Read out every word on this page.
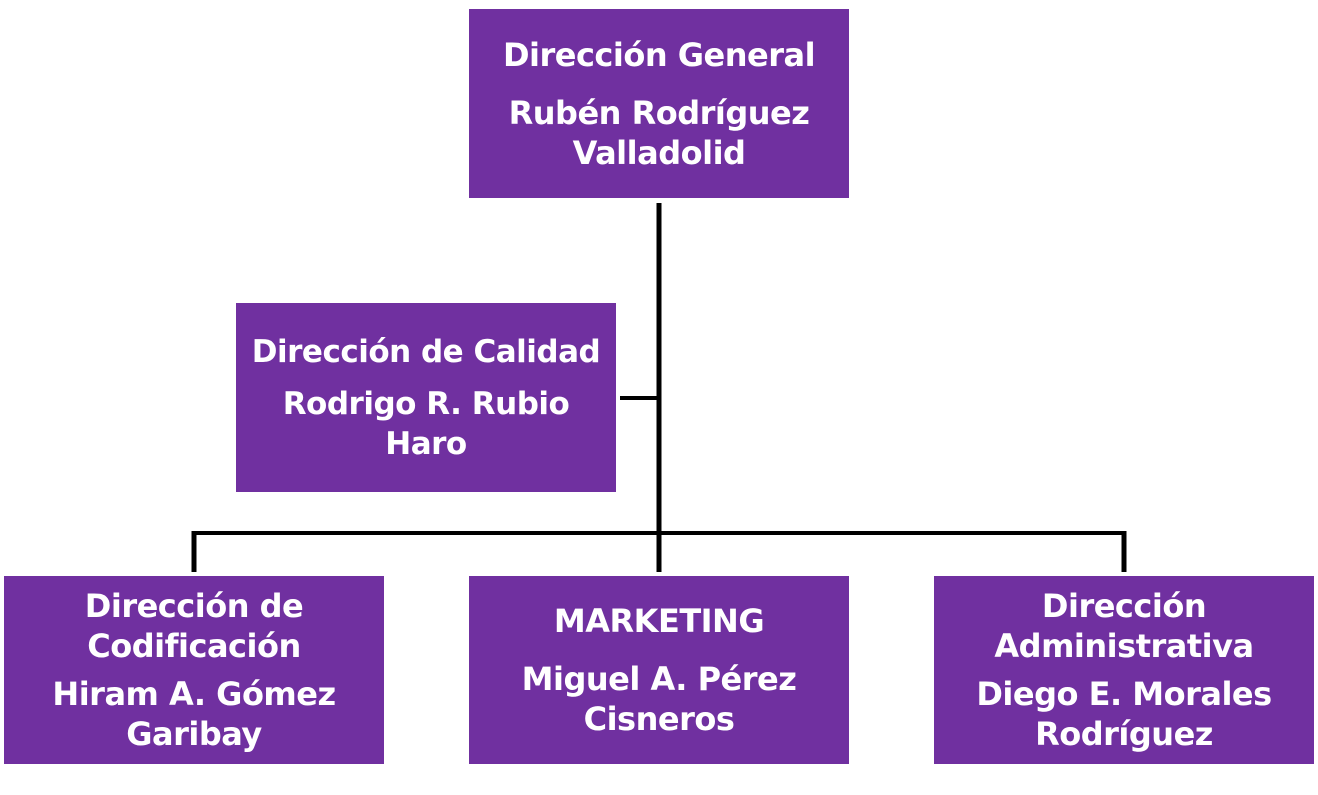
Dirección General
Rubén Rodríguez
Valladolid
Dirección de Calidad
Rodrigo R. Rubio
Haro
Dirección de
Codificación
Hiram A. Gómez
Garibay
MARKETING
Miguel A. Pérez
Cisneros
Dirección
Administrativa
Diego E. Morales
Rodríguez
